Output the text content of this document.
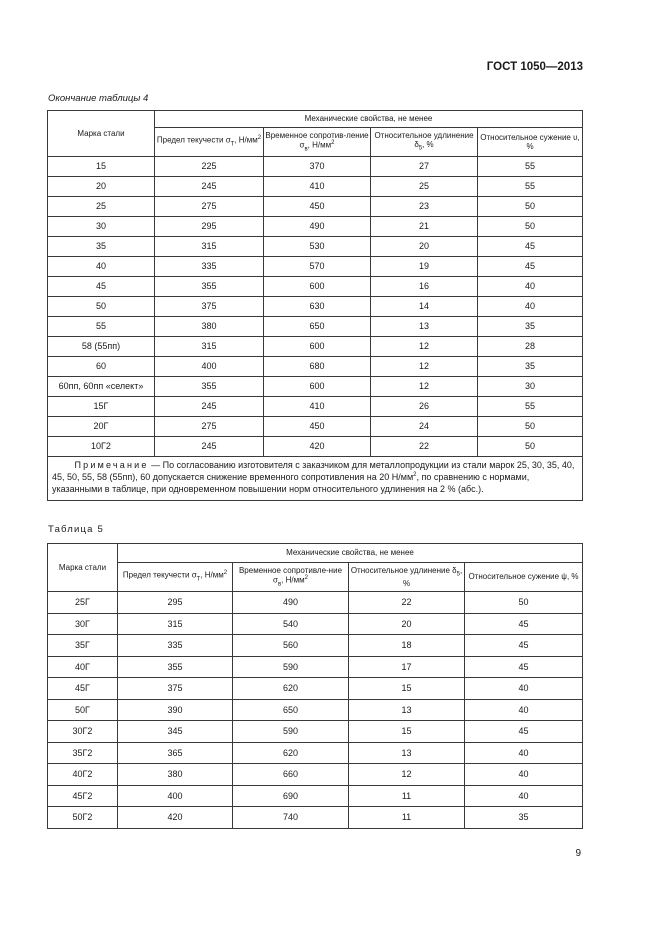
ГОСТ 1050—2013
Окончание таблицы 4
Марка стали	Механические свойства, не менее			
	Предел текучести $\sigma_T$, $Н/мм^2$	Временное сопротив-ление $\sigma_в$, $Н/мм^2$	Относительное удлинение $\delta_5$, %	Относительное сужение υ, %
15	225	370	27	55
20	245	410	25	55
25	275	450	23	50
30	295	490	21	50
35	315	530	20	45
40	335	570	19	45
45	355	600	16	40
50	375	630	14	40
55	380	650	13	35
58 (55пп)	315	600	12	28
60	400	680	12	35
60пп, 60пп «селект»	355	600	12	30
15Г	245	410	26	55
20Г	275	450	24	50
10Г2	245	420	22	50
Примечание — По согласованию изготовителя с заказчиком для металлопродукции из стали марок 25, 30, 35, 40, 45, 50, 55, 58 (55пп), 60 допускается снижение временного сопротивления на 20 $Н/мм^2$, по сравнению с нормами, указанными в таблице, при одновременном повышении норм относительного удлинения на 2 % (абс.).				
Таблица 5
Марка стали	Механические свойства, не менее			
	Предел текучести $\sigma_T$, $Н/мм^2$	Временное сопротивле-ние $\sigma_в$, $Н/мм^2$	Относительное удлинение $\delta_5$, %	Относительное сужение ψ, %
25Г	295	490	22	50
30Г	315	540	20	45
35Г	335	560	18	45
40Г	355	590	17	45
45Г	375	620	15	40
50Г	390	650	13	40
30Г2	345	590	15	45
35Г2	365	620	13	40
40Г2	380	660	12	40
45Г2	400	690	11	40
50Г2	420	740	11	35
9
